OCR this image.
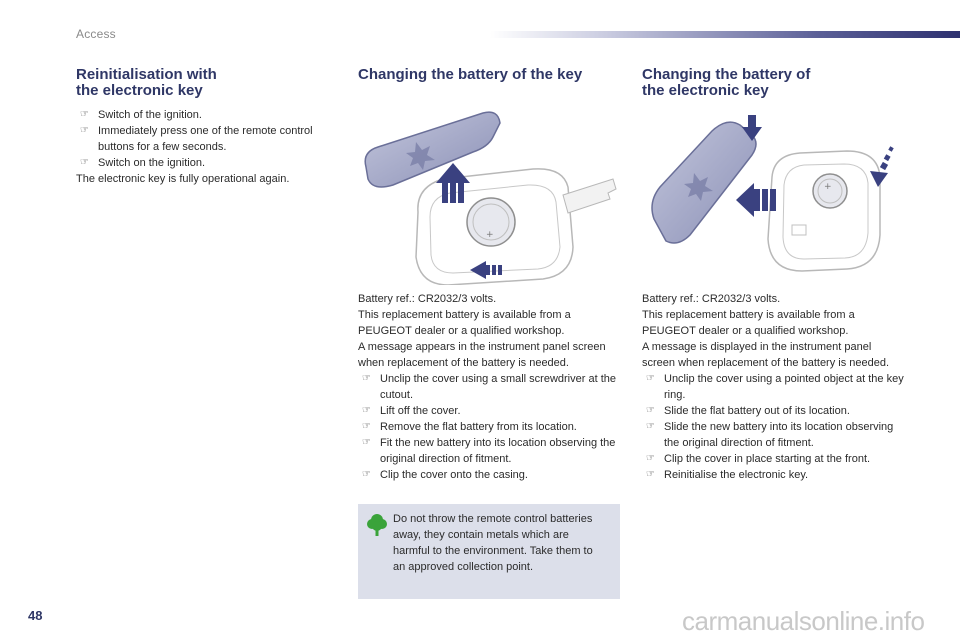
Access
Reinitialisation with
the electronic key
☞ Switch of the ignition.
☞ Immediately press one of the remote control buttons for a few seconds.
☞ Switch on the ignition.

The electronic key is fully operational again.

Changing the battery of the key
+

Battery ref.: CR2032/3 volts.

This replacement battery is available from a PEUGEOT dealer or a qualified workshop.

A message appears in the instrument panel screen when replacement of the battery is needed.

☞ Unclip the cover using a small screwdriver at the cutout.
☞ Lift off the cover.
☞ Remove the flat battery from its location.
☞ Fit the new battery into its location observing the original direction of fitment.
☞ Clip the cover onto the casing.
Do not throw the remote control batteries away, they contain metals which are harmful to the environment. Take them to an approved collection point.
Changing the battery of
the electronic key
+

Battery ref.: CR2032/3 volts.

This replacement battery is available from a PEUGEOT dealer or a qualified workshop.

A message is displayed in the instrument panel screen when replacement of the battery is needed.

☞ Unclip the cover using a pointed object at the key ring.
☞ Slide the flat battery out of its location.
☞ Slide the new battery into its location observing the original direction of fitment.
☞ Clip the cover in place starting at the front.
☞ Reinitialise the electronic key.
48	carmanualsonline.info
